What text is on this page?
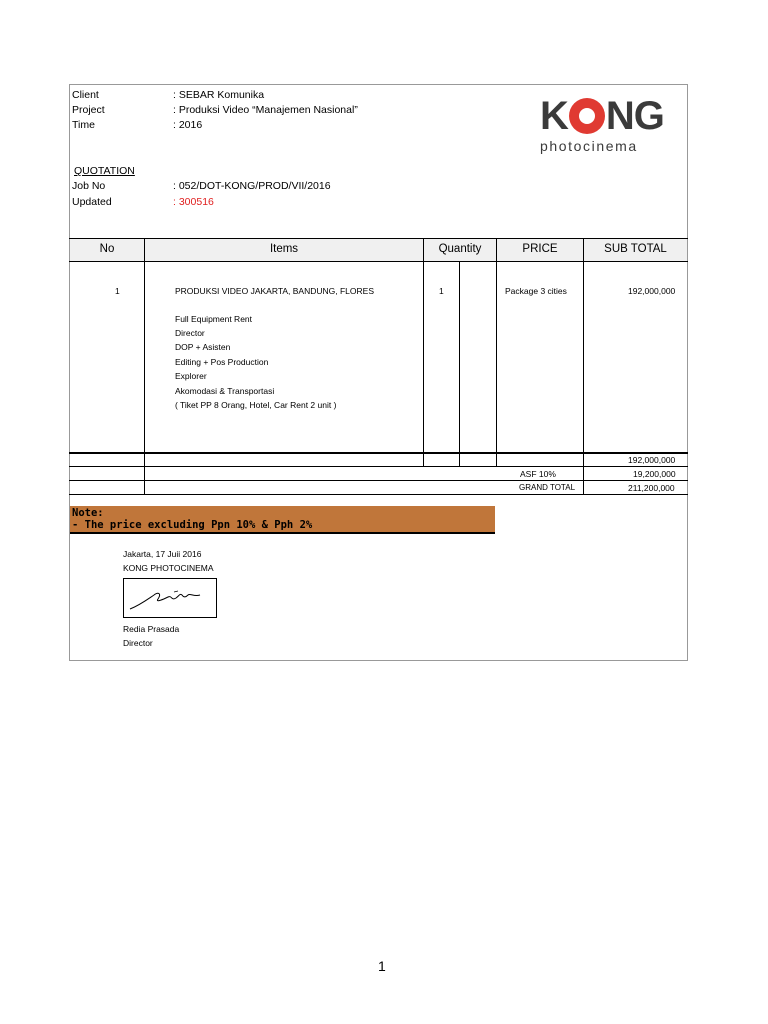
Client	: SEBAR Komunika
Project	: Produksi Video “Manajemen Nasional”
Time	: 2016
QUOTATION
Job No	: 052/DOT-KONG/PROD/VII/2016
Updated	: 300516
K NG
photocinema
No	Items	Quantity	PRICE	SUB TOTAL
1	PRODUKSI VIDEO JAKARTA, BANDUNG, FLORES	1	Package 3 cities	192,000,000
Full Equipment Rent
Director
DOP + Asisten
Editing + Pos Production
Explorer
Akomodasi & Transportasi
( Tiket PP 8 Orang, Hotel, Car Rent 2 unit )
192,000,000
ASF 10%	19,200,000
GRAND TOTAL	211,200,000
Note:
- The price excluding Ppn 10% & Pph 2%
Jakarta, 17 Juii 2016
KONG PHOTOCINEMA
Redia Prasada
Director
1
